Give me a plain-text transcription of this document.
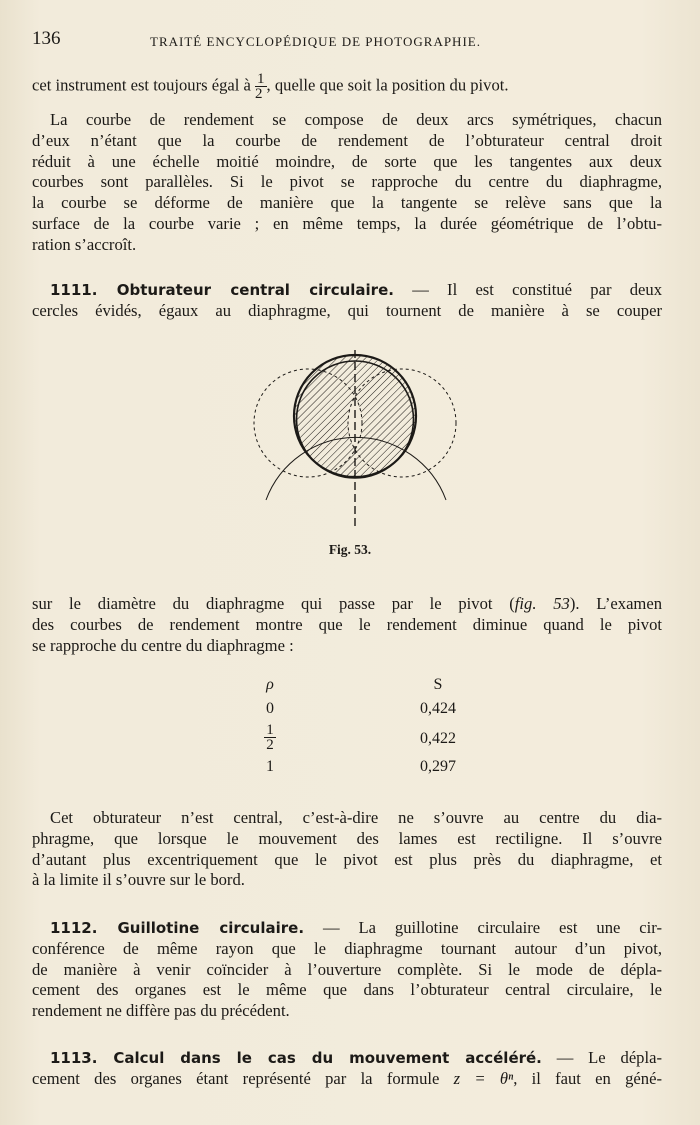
136	TRAITÉ ENCYCLOPÉDIQUE DE PHOTOGRAPHIE.
cet instrument est toujours égal à $\frac{1}{2}$ , quelle que soit la position du pivot.
La courbe de rendement se compose de deux arcs symétriques, chacun
d’eux n’étant que la courbe de rendement de l’obturateur central droit
réduit à une échelle moitié moindre, de sorte que les tangentes aux deux
courbes sont parallèles. Si le pivot se rapproche du centre du diaphragme,
la courbe se déforme de manière que la tangente se relève sans que la
surface de la courbe varie ; en même temps, la durée géométrique de l’obtu-
ration s’accroît.
1111. Obturateur central circulaire. — Il est constitué par deux
cercles évidés, égaux au diaphragme, qui tournent de manière à se couper
Fig. 53.
sur le diamètre du diaphragme qui passe par le pivot (fig. 53). L’examen
des courbes de rendement montre que le rendement diminue quand le pivot
se rapproche du centre du diaphragme :
ρ	S
0	0,424
$\frac{1}{2}$	0,422
1	0,297
Cet obturateur n’est central, c’est-à-dire ne s’ouvre au centre du dia-
phragme, que lorsque le mouvement des lames est rectiligne. Il s’ouvre
d’autant plus excentriquement que le pivot est plus près du diaphragme, et
à la limite il s’ouvre sur le bord.
1112. Guillotine circulaire. — La guillotine circulaire est une cir-
conférence de même rayon que le diaphragme tournant autour d’un pivot,
de manière à venir coïncider à l’ouverture complète. Si le mode de dépla-
cement des organes est le même que dans l’obturateur central circulaire, le
rendement ne diffère pas du précédent.
1113. Calcul dans le cas du mouvement accéléré. — Le dépla-
cement des organes étant représenté par la formule z = θⁿ, il faut en géné-
